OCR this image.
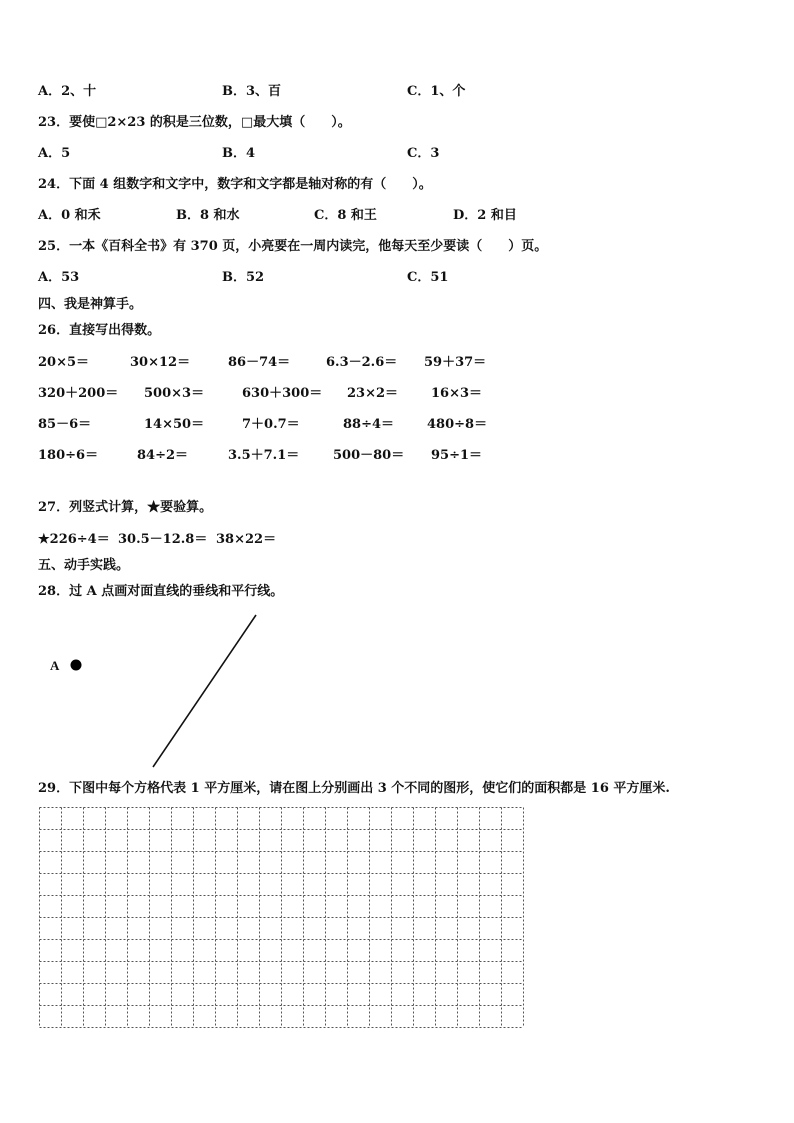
A．2、十	B．3、百	C．1、个
23．要使□2×23 的积是三位数，□最大填（　　）。
A．5	B．4	C．3
24．下面 4 组数字和文字中，数字和文字都是轴对称的有（　　）。
A．0 和禾	B．8 和水	C．8 和王	D．2 和目
25．一本《百科全书》有 370 页，小亮要在一周内读完，他每天至少要读（　　）页。
A．53	B．52	C．51
四、我是神算手。
26．直接写出得数。
20×5＝	30×12＝	86－74＝	6.3－2.6＝ 59＋37＝
320＋200＝ 500×3＝	630＋300＝ 23×2＝	16×3＝
85－6＝	14×50＝	7＋0.7＝	88÷4＝	480÷8＝
180÷6＝	84÷2＝	3.5＋7.1＝	500－80＝ 95÷1＝
27．列竖式计算，★要验算。
★226÷4＝ 30.5－12.8＝ 38×22＝
五、动手实践。
28．过 A 点画对面直线的垂线和平行线。
A
29．下图中每个方格代表 1 平方厘米，请在图上分别画出 3 个不同的图形，使它们的面积都是 16 平方厘米.
